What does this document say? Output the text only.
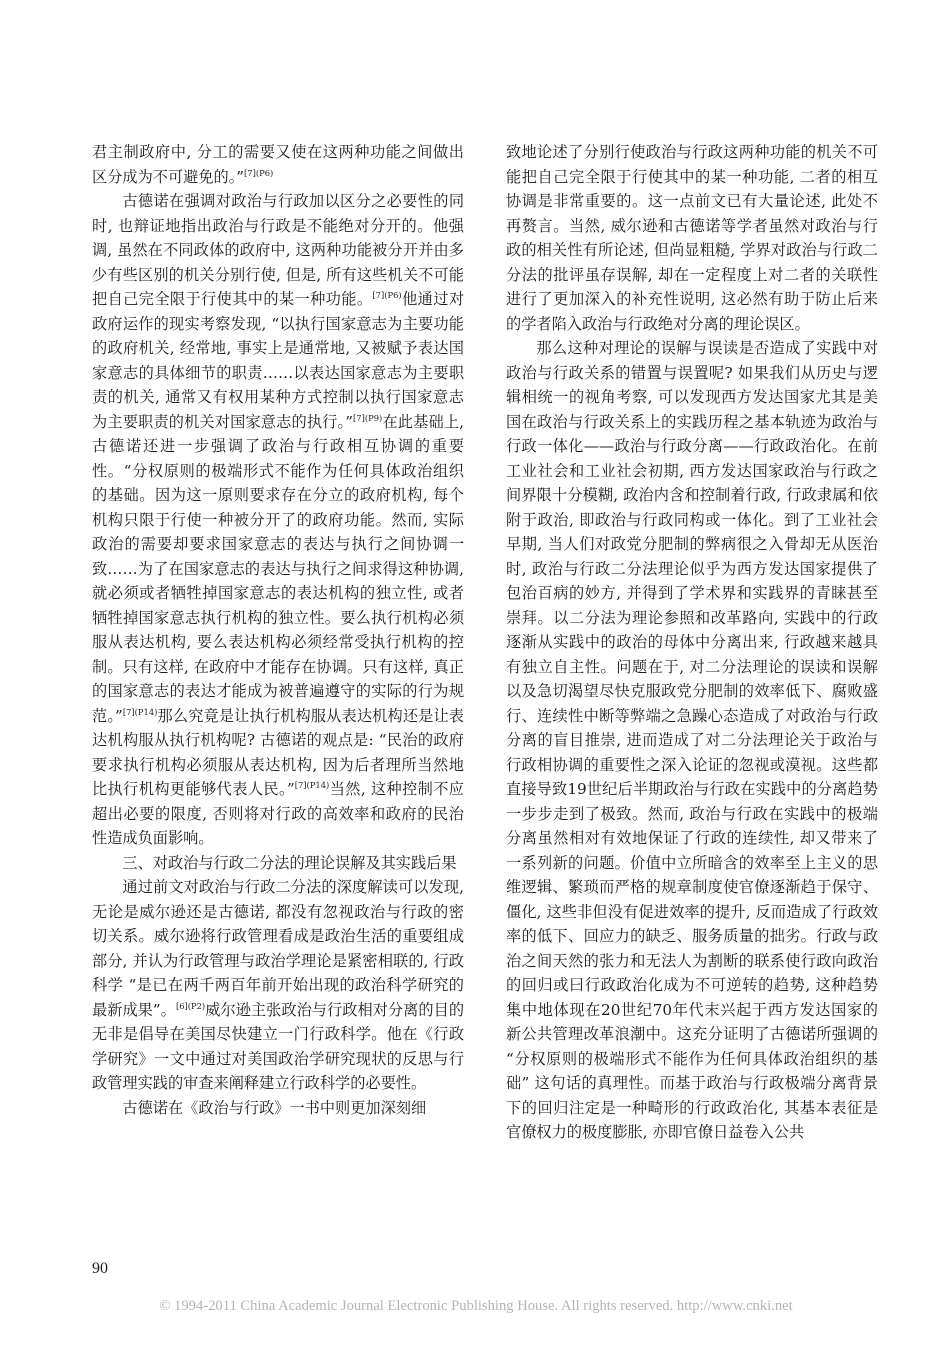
君主制政府中, 分工的需要又使在这两种功能之间做出区分成为不可避免的。”$^{[7](P6)}$

古德诺在强调对政治与行政加以区分之必要性的同时, 也辩证地指出政治与行政是不能绝对分开的。他强调, 虽然在不同政体的政府中, 这两种功能被分开并由多少有些区别的机关分别行使, 但是, 所有这些机关不可能把自己完全限于行使其中的某一种功能。$^{[7](P6)}$他通过对政府运作的现实考察发现, “以执行国家意志为主要功能的政府机关, 经常地, 事实上是通常地, 又被赋予表达国家意志的具体细节的职责……以表达国家意志为主要职责的机关, 通常又有权用某种方式控制以执行国家意志为主要职责的机关对国家意志的执行。”$^{[7](P9)}$在此基础上, 古德诺还进一步强调了政治与行政相互协调的重要性。“分权原则的极端形式不能作为任何具体政治组织的基础。因为这一原则要求存在分立的政府机构, 每个机构只限于行使一种被分开了的政府功能。然而, 实际政治的需要却要求国家意志的表达与执行之间协调一致……为了在国家意志的表达与执行之间求得这种协调, 就必须或者牺牲掉国家意志的表达机构的独立性, 或者牺牲掉国家意志执行机构的独立性。要么执行机构必须服从表达机构, 要么表达机构必须经常受执行机构的控制。只有这样, 在政府中才能存在协调。只有这样, 真正的国家意志的表达才能成为被普遍遵守的实际的行为规范。”$^{[7](P14)}$那么究竟是让执行机构服从表达机构还是让表达机构服从执行机构呢? 古德诺的观点是: “民治的政府要求执行机构必须服从表达机构, 因为后者理所当然地比执行机构更能够代表人民。”$^{[7](P14)}$当然, 这种控制不应超出必要的限度, 否则将对行政的高效率和政府的民治性造成负面影响。

三、对政治与行政二分法的理论误解及其实践后果

通过前文对政治与行政二分法的深度解读可以发现, 无论是威尔逊还是古德诺, 都没有忽视政治与行政的密切关系。威尔逊将行政管理看成是政治生活的重要组成部分, 并认为行政管理与政治学理论是紧密相联的, 行政科学 “是已在两千两百年前开始出现的政治科学研究的最新成果”。$^{[6](P2)}$威尔逊主张政治与行政相对分离的目的无非是倡导在美国尽快建立一门行政科学。他在《行政学研究》一文中通过对美国政治学研究现状的反思与行政管理实践的审查来阐释建立行政科学的必要性。

古德诺在《政治与行政》一书中则更加深刻细

致地论述了分别行使政治与行政这两种功能的机关不可能把自己完全限于行使其中的某一种功能, 二者的相互协调是非常重要的。这一点前文已有大量论述, 此处不再赘言。当然, 威尔逊和古德诺等学者虽然对政治与行政的相关性有所论述, 但尚显粗糙, 学界对政治与行政二分法的批评虽存误解, 却在一定程度上对二者的关联性进行了更加深入的补充性说明, 这必然有助于防止后来的学者陷入政治与行政绝对分离的理论误区。

那么这种对理论的误解与误读是否造成了实践中对政治与行政关系的错置与误置呢? 如果我们从历史与逻辑相统一的视角考察, 可以发现西方发达国家尤其是美国在政治与行政关系上的实践历程之基本轨迹为政治与行政一体化——政治与行政分离——行政政治化。在前工业社会和工业社会初期, 西方发达国家政治与行政之间界限十分模糊, 政治内含和控制着行政, 行政隶属和依附于政治, 即政治与行政同构或一体化。到了工业社会早期, 当人们对政党分肥制的弊病很之入骨却无从医治时, 政治与行政二分法理论似乎为西方发达国家提供了包治百病的妙方, 并得到了学术界和实践界的青睐甚至崇拜。以二分法为理论参照和改革路向, 实践中的行政逐渐从实践中的政治的母体中分离出来, 行政越来越具有独立自主性。问题在于, 对二分法理论的误读和误解以及急切渴望尽快克服政党分肥制的效率低下、腐败盛行、连续性中断等弊端之急躁心态造成了对政治与行政分离的盲目推崇, 进而造成了对二分法理论关于政治与行政相协调的重要性之深入论证的忽视或漠视。这些都直接导致19世纪后半期政治与行政在实践中的分离趋势一步步走到了极致。然而, 政治与行政在实践中的极端分离虽然相对有效地保证了行政的连续性, 却又带来了一系列新的问题。价值中立所暗含的效率至上主义的思维逻辑、繁琐而严格的规章制度使官僚逐渐趋于保守、僵化, 这些非但没有促进效率的提升, 反而造成了行政效率的低下、回应力的缺乏、服务质量的拙劣。行政与政治之间天然的张力和无法人为割断的联系使行政向政治的回归或曰行政政治化成为不可逆转的趋势, 这种趋势集中地体现在20世纪70年代末兴起于西方发达国家的新公共管理改革浪潮中。这充分证明了古德诺所强调的 “分权原则的极端形式不能作为任何具体政治组织的基础” 这句话的真理性。而基于政治与行政极端分离背景下的回归注定是一种畸形的行政政治化, 其基本表征是官僚权力的极度膨胀, 亦即官僚日益卷入公共

90
© 1994-2011 China Academic Journal Electronic Publishing House. All rights reserved. http://www.cnki.net
